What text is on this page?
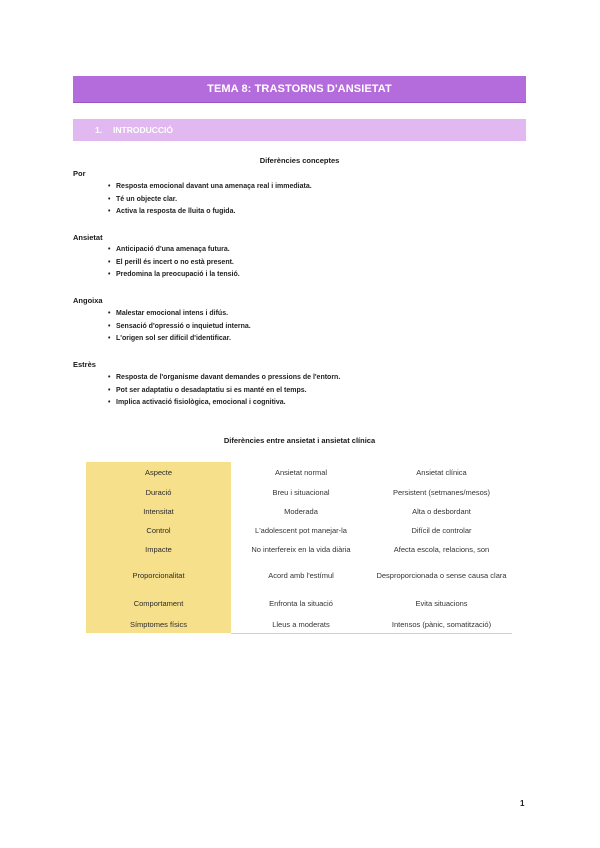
TEMA 8: TRASTORNS D'ANSIETAT
1.	INTRODUCCIÓ
Diferències conceptes
Por
• Resposta emocional davant una amenaça real i immediata.
• Té un objecte clar.
• Activa la resposta de lluita o fugida.
Ansietat
• Anticipació d'una amenaça futura.
• El perill és incert o no està present.
• Predomina la preocupació i la tensió.
Angoixa
• Malestar emocional intens i difús.
• Sensació d'opressió o inquietud interna.
• L'origen sol ser difícil d'identificar.
Estrès
• Resposta de l'organisme davant demandes o pressions de l'entorn.
• Pot ser adaptatiu o desadaptatiu si es manté en el temps.
• Implica activació fisiològica, emocional i cognitiva.
Diferències entre ansietat i ansietat clínica
Aspecte	Ansietat normal	Ansietat clínica
Duració	Breu i situacional	Persistent (setmanes/mesos)
Intensitat	Moderada	Alta o desbordant
Control	L'adolescent pot manejar-la	Difícil de controlar
Impacte	No interfereix en la vida diària	Afecta escola, relacions, son
Proporcionalitat	Acord amb l'estímul	Desproporcionada o sense causa clara
Comportament	Enfronta la situació	Evita situacions
Símptomes físics	Lleus a moderats	Intensos (pànic, somatització)
1
